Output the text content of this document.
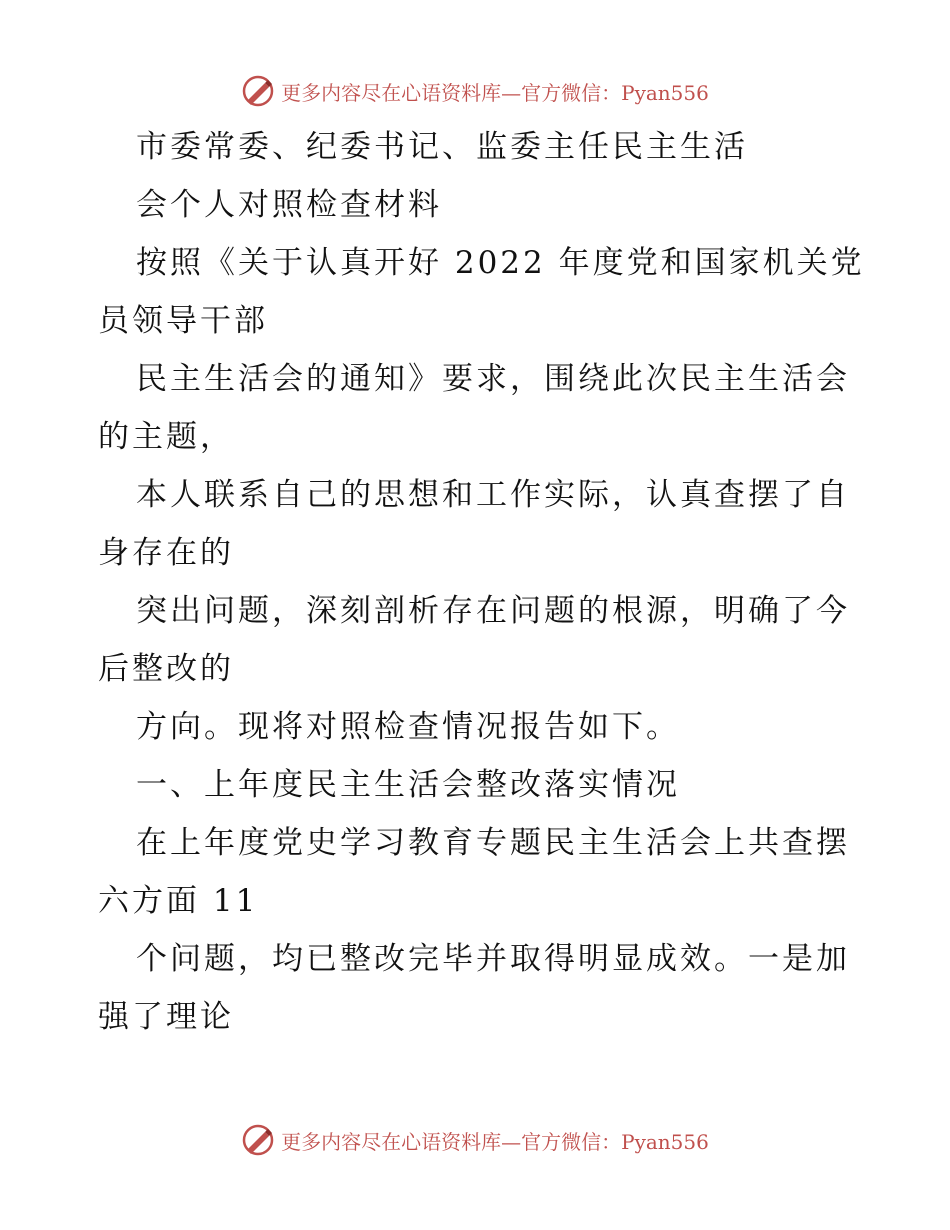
更多内容尽在心语资料库—官方微信：Pyan556

市委常委、纪委书记、监委主任民主生活

会个人对照检查材料

按照《关于认真开好 2022 年度党和国家机关党

员领导干部

民主生活会的通知》要求，围绕此次民主生活会

的主题，

本人联系自己的思想和工作实际，认真查摆了自

身存在的

突出问题，深刻剖析存在问题的根源，明确了今

后整改的

方向。现将对照检查情况报告如下。

一、上年度民主生活会整改落实情况

在上年度党史学习教育专题民主生活会上共查摆

六方面 11

个问题，均已整改完毕并取得明显成效。一是加

强了理论

更多内容尽在心语资料库—官方微信：Pyan556
